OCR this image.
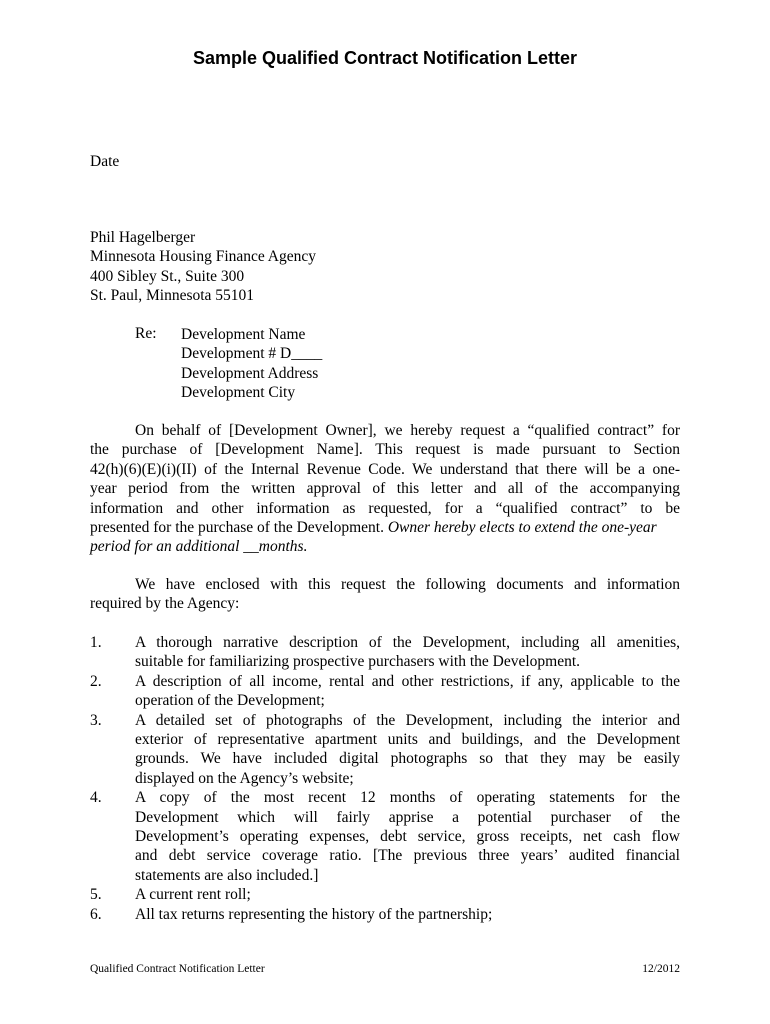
Sample Qualified Contract Notification Letter
Date
Phil Hagelberger
Minnesota Housing Finance Agency
400 Sibley St., Suite 300
St. Paul, Minnesota 55101
Re: Development Name
Development # D____
Development Address
Development City
On behalf of [Development Owner], we hereby request a “qualified contract” for
the purchase of [Development Name]. This request is made pursuant to Section
42(h)(6)(E)(i)(II) of the Internal Revenue Code. We understand that there will be a one-
year period from the written approval of this letter and all of the accompanying
information and other information as requested, for a “qualified contract” to be
presented for the purchase of the Development. Owner hereby elects to extend the one-year
period for an additional __months.
We have enclosed with this request the following documents and information
required by the Agency:
1. A thorough narrative description of the Development, including all amenities,
suitable for familiarizing prospective purchasers with the Development.
2. A description of all income, rental and other restrictions, if any, applicable to the
operation of the Development;
3. A detailed set of photographs of the Development, including the interior and
exterior of representative apartment units and buildings, and the Development
grounds. We have included digital photographs so that they may be easily
displayed on the Agency’s website;
4. A copy of the most recent 12 months of operating statements for the
Development which will fairly apprise a potential purchaser of the
Development’s operating expenses, debt service, gross receipts, net cash flow
and debt service coverage ratio. [The previous three years’ audited financial
statements are also included.]
5. A current rent roll;
6. All tax returns representing the history of the partnership;
Qualified Contract Notification Letter	12/2012
